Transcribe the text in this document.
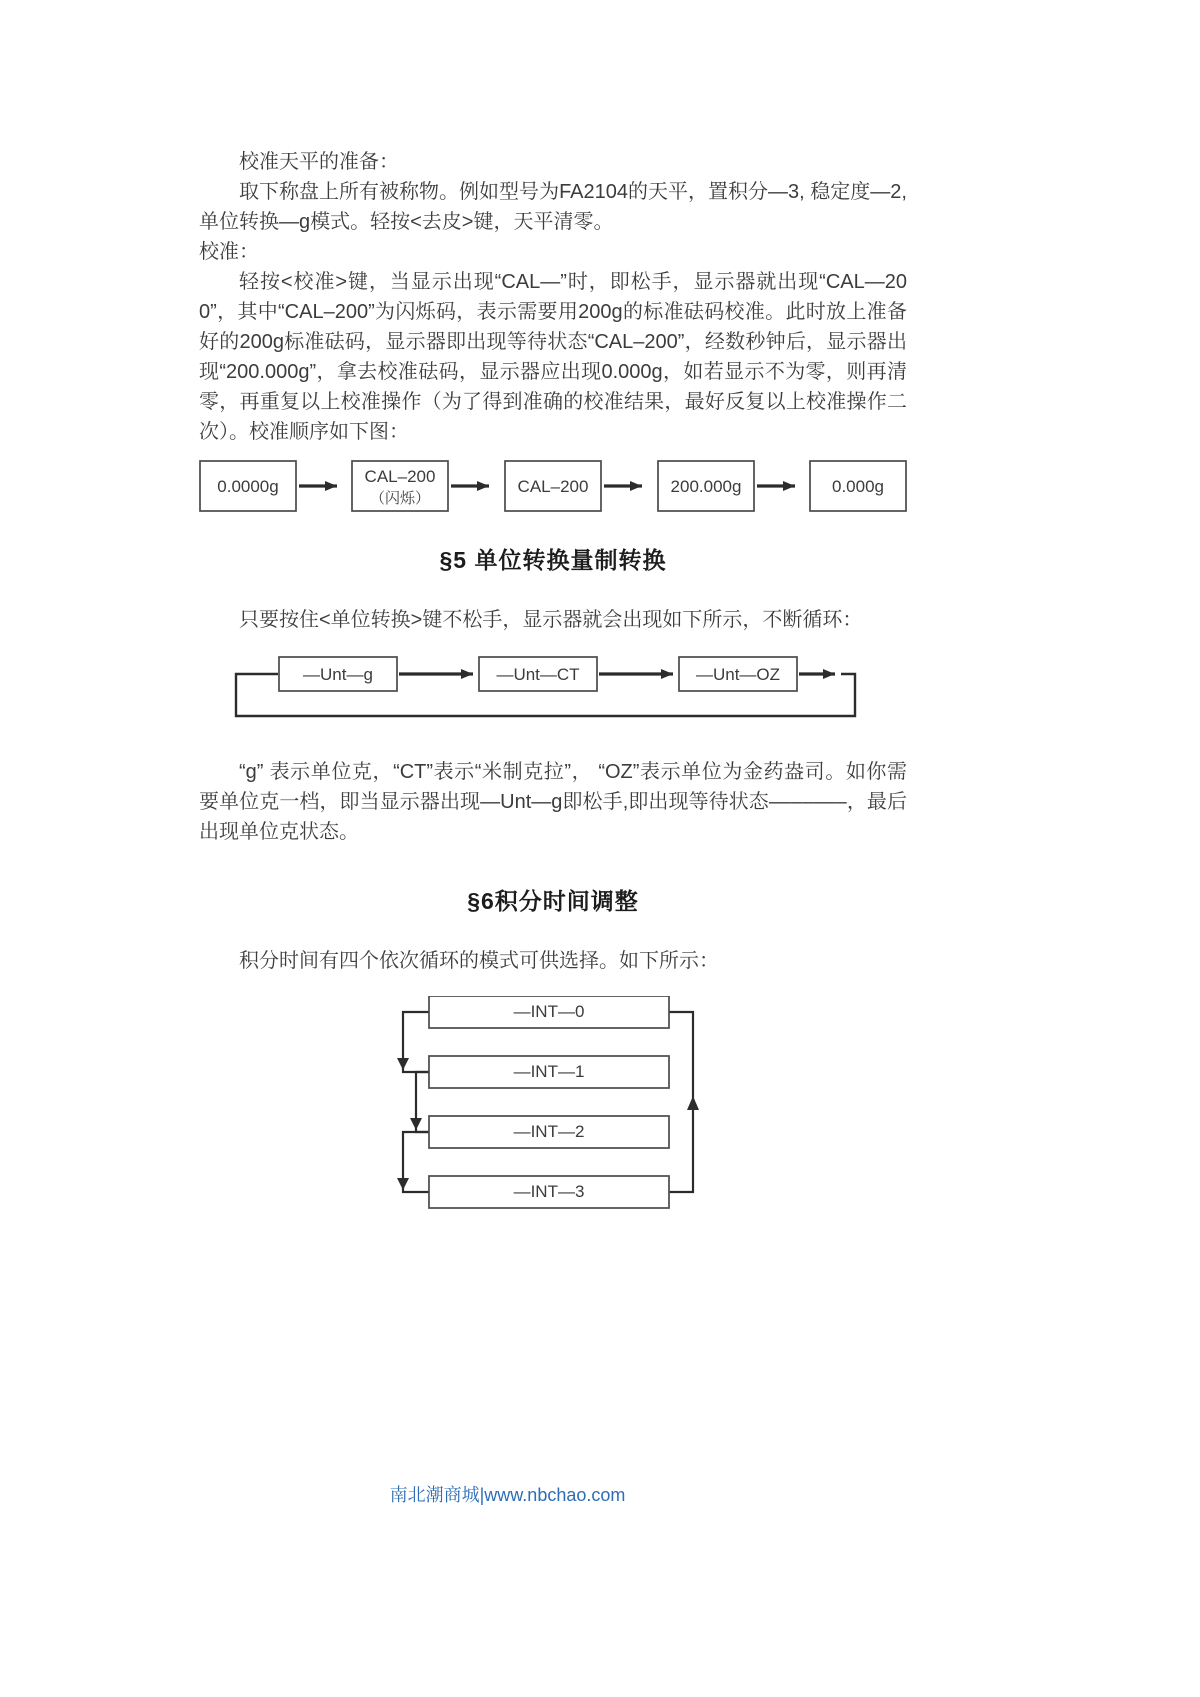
校准天平的准备：

取下称盘上所有被称物。例如型号为FA2104的天平，置积分—3, 稳定度—2, 单位转换—g模式。轻按<去皮>键，天平清零。

校准：

轻按<校准>键，当显示出现“CAL—”时，即松手，显示器就出现“CAL—200”，其中“CAL–200”为闪烁码，表示需要用200g的标准砝码校准。此时放上准备好的200g标准砝码，显示器即出现等待状态“CAL–200”，经数秒钟后，显示器出现“200.000g”，拿去校准砝码，显示器应出现0.000g，如若显示不为零，则再清零，再重复以上校准操作（为了得到准确的校准结果，最好反复以上校准操作二次）。校准顺序如下图：

0.0000g
CAL–200
（闪烁）
CAL–200	200.000g	0.000g
§5 单位转换量制转换

只要按住<单位转换>键不松手，显示器就会出现如下所示，不断循环：

—Unt—g	—Unt—CT	—Unt—OZ

“g” 表示单位克，“CT”表示“米制克拉”， “OZ”表示单位为金药盎司。如你需要单位克一档，即当显示器出现—Unt—g即松手,即出现等待状态–––––––，最后出现单位克状态。

§6积分时间调整

积分时间有四个依次循环的模式可供选择。如下所示：

—INT—0
—INT—1
—INT—2
—INT—3
南北潮商城|www.nbchao.com
